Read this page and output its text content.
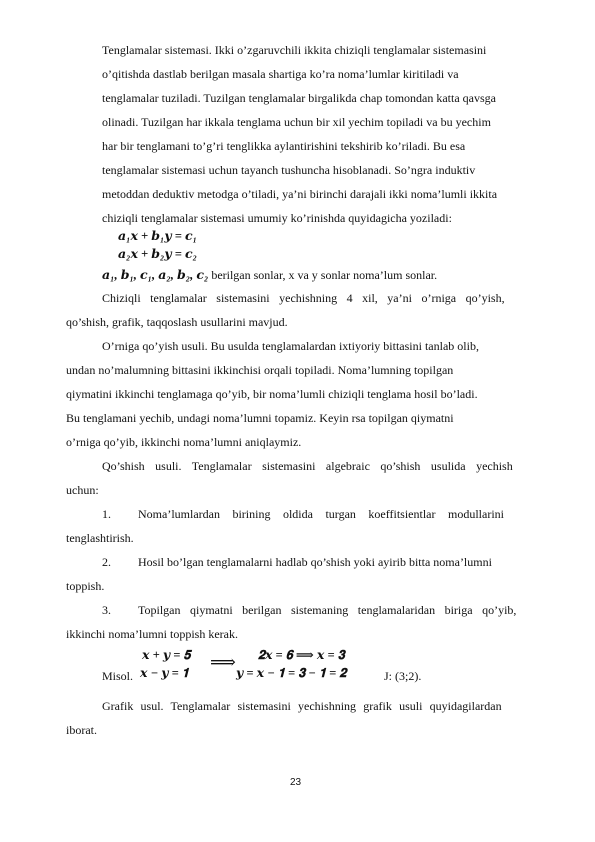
Tenglamalar sistemasi. Ikki o’zgaruvchili ikkita chiziqli tenglamalar sistemasini
o’qitishda dastlab berilgan masala shartiga ko’ra noma’lumlar kiritiladi va
tenglamalar tuziladi. Tuzilgan tenglamalar birgalikda chap tomondan katta qavsga
olinadi. Tuzilgan har ikkala tenglama uchun bir xil yechim topiladi va bu yechim
har bir tenglamani to’g’ri tenglikka aylantirishini tekshirib ko’riladi. Bu esa
tenglamalar sistemasi uchun tayanch tushuncha hisoblanadi. So’ngra induktiv
metoddan deduktiv metodga o’tiladi, ya’ni birinchi darajali ikki noma’lumli ikkita
chiziqli tenglamalar sistemasi umumiy ko’rinishda quyidagicha yoziladi:
𝒂₁𝒙 + 𝒃₁𝒚 = 𝒄₁
𝒂₂𝒙 + 𝒃₂𝒚 = 𝒄₂
𝒂₁, 𝒃₁, 𝒄₁, 𝒂₂, 𝒃₂, 𝒄₂ berilgan sonlar, x va y sonlar noma’lum sonlar.
Chiziqli tenglamalar sistemasini yechishning 4 xil, ya’ni o’rniga qo’yish,
qo’shish, grafik, taqqoslash usullarini mavjud.
O’rniga qo’yish usuli. Bu usulda tenglamalardan ixtiyoriy bittasini tanlab olib,
undan no’malumning bittasini ikkinchisi orqali topiladi. Noma’lumning topilgan
qiymatini ikkinchi tenglamaga qo’yib, bir noma’lumli chiziqli tenglama hosil bo’ladi.
Bu tenglamani yechib, undagi noma’lumni topamiz. Keyin rsa topilgan qiymatni
o’rniga qo’yib, ikkinchi noma’lumni aniqlaymiz.
Qo’shish usuli. Tenglamalar sistemasini algebraic qo’shish usulida yechish
uchun:
1. Noma’lumlardan birining oldida turgan koeffitsientlar modullarini
tenglashtirish.
2. Hosil bo’lgan tenglamalarni hadlab qo’shish yoki ayirib bitta noma’lumni
toppish.
3. Topilgan qiymatni berilgan sistemaning tenglamalaridan biriga qo’yib,
ikkinchi noma’lumni toppish kerak.
Misol.
𝒙 + 𝒚 = 𝟓
𝒙 − 𝒚 = 𝟏
⟹ 𝟐𝒙 = 𝟔 ⟹ 𝒙 = 𝟑
𝒚 = 𝒙 − 𝟏 = 𝟑 − 𝟏 = 𝟐	J: (3;2).
Grafik usul. Tenglamalar sistemasini yechishning grafik usuli quyidagilardan
iborat.
23
